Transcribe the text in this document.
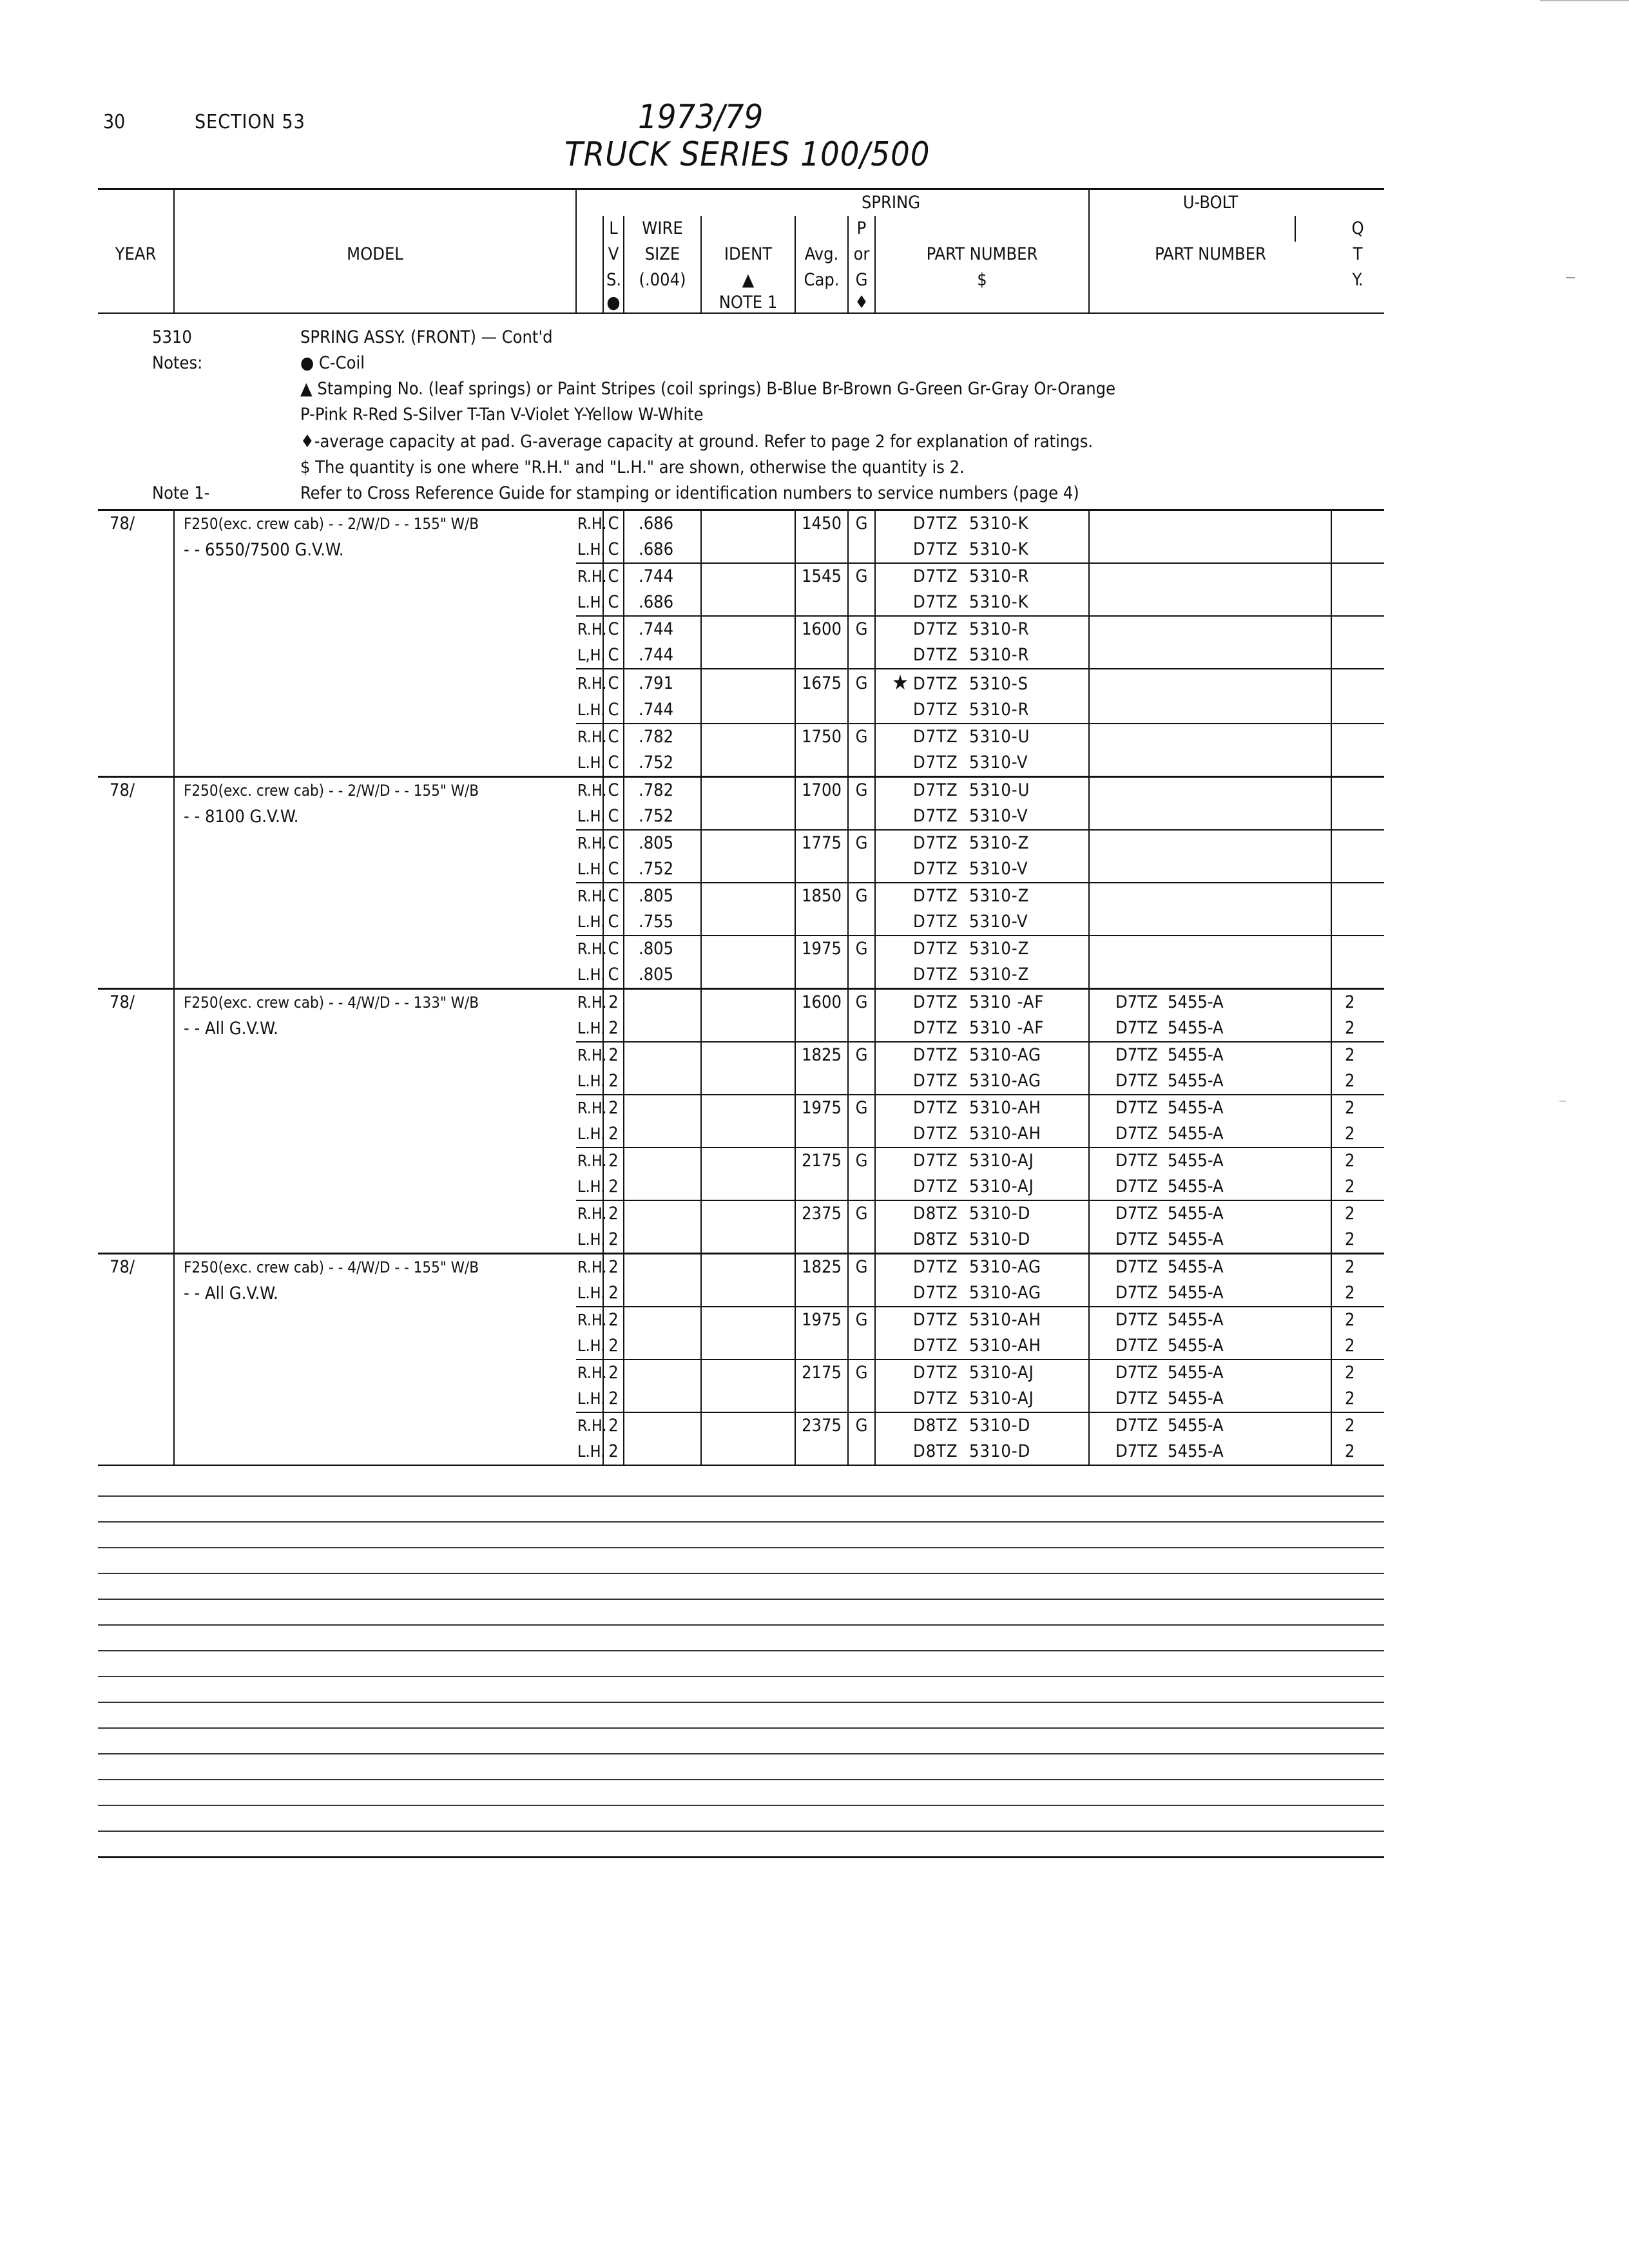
30	SECTION 53	1973/79
TRUCK SERIES 100/500
			SPRING						U-BOLT		
YEAR	MODEL		L	WIRE			P				Q
			V	SIZE	IDENT	Avg.	or	PART NUMBER	PART NUMBER		T
			S.	(.004)	▲	Cap.	G	$			Y.
			●		NOTE 1		♦				
5310	SPRING ASSY. (FRONT) — Cont'd
Notes:	● C-Coil
▲ Stamping No. (leaf springs) or Paint Stripes (coil springs) B-Blue Br-Brown G-Green Gr-Gray Or-Orange
P-Pink R-Red S-Silver T-Tan V-Violet Y-Yellow W-White
♦-average capacity at pad. G-average capacity at ground. Refer to page 2 for explanation of ratings.
$ The quantity is one where "R.H." and "L.H." are shown, otherwise the quantity is 2.
Note 1-	Refer to Cross Reference Guide for stamping or identification numbers to service numbers (page 4)
78/	F250(exc. crew cab) - - 2/W/D - - 155" W/B	R.H.	C	.686		1450	G	D7TZ  5310-K			
	- - 6550/7500 G.V.W.	L.H.	C	.686				D7TZ  5310-K			
		R.H.	C	.744		1545	G	D7TZ  5310-R			
		L.H.	C	.686				D7TZ  5310-K			
		R.H.	C	.744		1600	G	D7TZ  5310-R			
		L,H.	C	.744				D7TZ  5310-R			
		R.H.	C	.791		1675	G	★ D7TZ  5310-S			
		L.H.	C	.744				D7TZ  5310-R			
		R.H.	C	.782		1750	G	D7TZ  5310-U			
		L.H.	C	.752				D7TZ  5310-V			
78/	F250(exc. crew cab) - - 2/W/D - - 155" W/B	R.H.	C	.782		1700	G	D7TZ  5310-U			
	- - 8100 G.V.W.	L.H.	C	.752				D7TZ  5310-V			
		R.H.	C	.805		1775	G	D7TZ  5310-Z			
		L.H.	C	.752				D7TZ  5310-V			
		R.H.	C	.805		1850	G	D7TZ  5310-Z			
		L.H.	C	.755				D7TZ  5310-V			
		R.H.	C	.805		1975	G	D7TZ  5310-Z			
		L.H.	C	.805				D7TZ  5310-Z			
78/	F250(exc. crew cab) - - 4/W/D - - 133" W/B	R.H.	2			1600	G	D7TZ  5310 -AF	D7TZ  5455-A		2
	- - All G.V.W.	L.H.	2					D7TZ  5310 -AF	D7TZ  5455-A		2
		R.H.	2			1825	G	D7TZ  5310-AG	D7TZ  5455-A		2
		L.H.	2					D7TZ  5310-AG	D7TZ  5455-A		2
		R.H.	2			1975	G	D7TZ  5310-AH	D7TZ  5455-A		2
		L.H.	2					D7TZ  5310-AH	D7TZ  5455-A		2
		R.H.	2			2175	G	D7TZ  5310-AJ	D7TZ  5455-A		2
		L.H.	2					D7TZ  5310-AJ	D7TZ  5455-A		2
		R.H.	2			2375	G	D8TZ  5310-D	D7TZ  5455-A		2
		L.H.	2					D8TZ  5310-D	D7TZ  5455-A		2
78/	F250(exc. crew cab) - - 4/W/D - - 155" W/B	R.H.	2			1825	G	D7TZ  5310-AG	D7TZ  5455-A		2
	- - All G.V.W.	L.H.	2					D7TZ  5310-AG	D7TZ  5455-A		2
		R.H.	2			1975	G	D7TZ  5310-AH	D7TZ  5455-A		2
		L.H.	2					D7TZ  5310-AH	D7TZ  5455-A		2
		R.H.	2			2175	G	D7TZ  5310-AJ	D7TZ  5455-A		2
		L.H.	2					D7TZ  5310-AJ	D7TZ  5455-A		2
		R.H.	2			2375	G	D8TZ  5310-D	D7TZ  5455-A		2
		L.H.	2					D8TZ  5310-D	D7TZ  5455-A		2
